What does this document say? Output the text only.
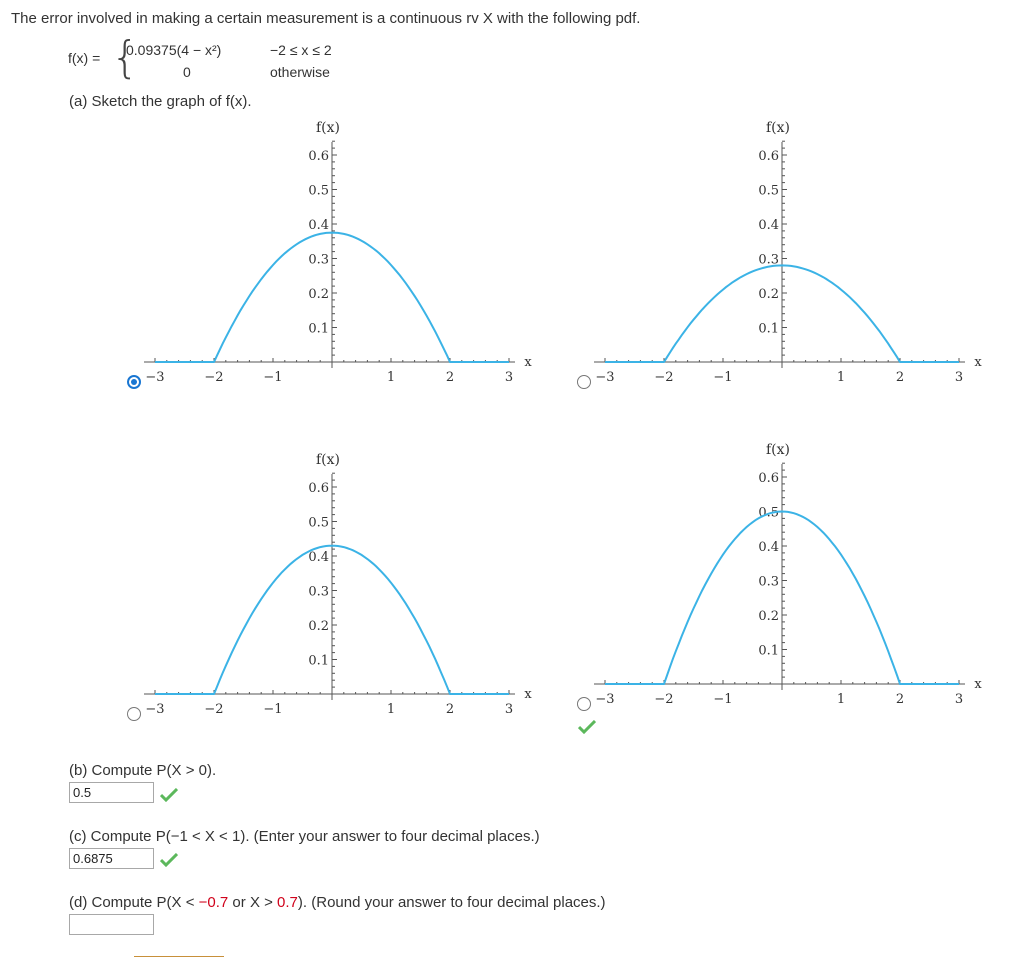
The error involved in making a certain measurement is a continuous rv X with the following pdf.
f(x) = {
0.09375(4 − x²)	−2 ≤ x ≤ 2
0	otherwise
(a) Sketch the graph of f(x).
−3	−2	−1	1	2	3
0.1
0.2
0.3
0.4
0.5
0.6
f(x)
x
−3	−2	−1	1	2	3
0.1
0.2
0.3
0.4
0.5
0.6
f(x)
x
−3	−2	−1	1	2	3
0.1
0.2
0.3
0.4
0.5
0.6
f(x)
x	−3	−2	−1	1	2	3
0.1
0.2
0.3
0.4
0.5
0.6
f(x)
x
(b) Compute P(X > 0).
0.5
(c) Compute P(−1 < X < 1). (Enter your answer to four decimal places.)
0.6875
(d) Compute P(X < −0.7 or X > 0.7). (Round your answer to four decimal places.)
